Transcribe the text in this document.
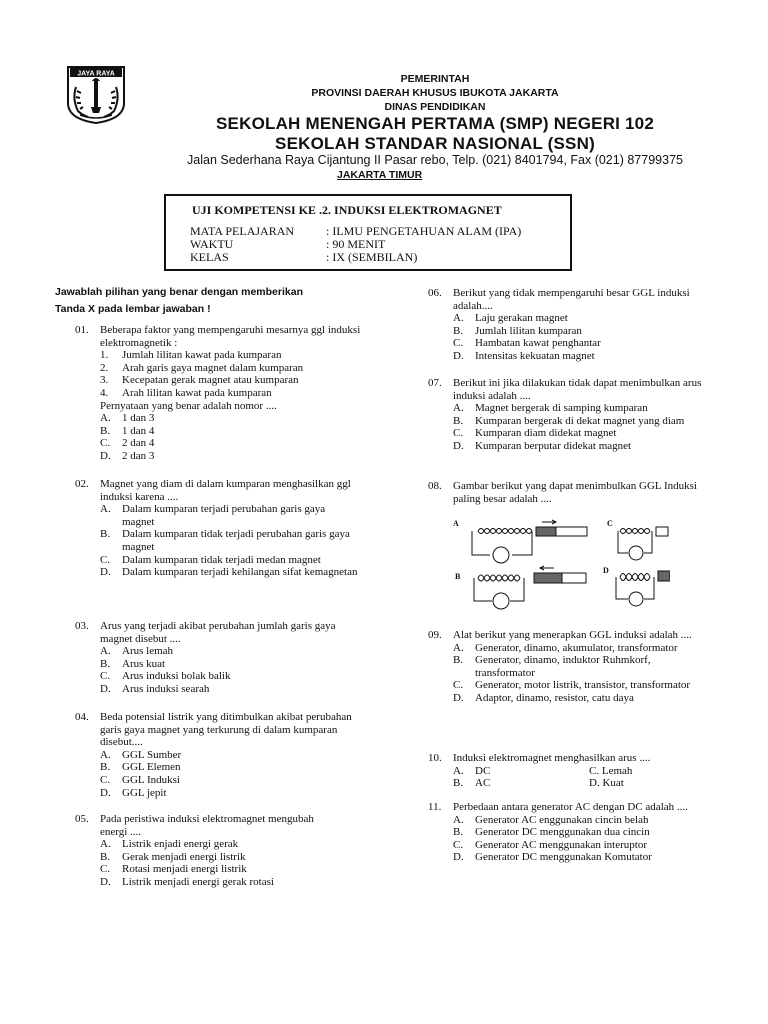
JAYA RAYA	PEMERINTAH
PROVINSI DAERAH KHUSUS IBUKOTA JAKARTA
DINAS PENDIDIKAN
SEKOLAH MENENGAH PERTAMA (SMP) NEGERI 102
SEKOLAH STANDAR NASIONAL (SSN)
Jalan Sederhana Raya Cijantung II Pasar rebo, Telp. (021) 8401794, Fax (021) 87799375
JAKARTA TIMUR
UJI KOMPETENSI KE .2. INDUKSI ELEKTROMAGNET
MATA PELAJARAN	: ILMU PENGETAHUAN ALAM (IPA)
WAKTU	: 90 MENIT
KELAS	: IX (SEMBILAN)
Jawablah pilihan yang benar dengan memberikan
Tanda X pada lembar jawaban !
01. Beberapa faktor yang mempengaruhi mesarnya ggl induksi elektromagnetik :
1. Jumlah lilitan kawat pada kumparan
2. Arah garis gaya magnet dalam kumparan
3. Kecepatan gerak magnet atau kumparan
4. Arah lilitan kawat pada kumparan
Pernyataan yang benar adalah nomor ....
A. 1 dan 3
B. 1 dan 4
C. 2 dan 4
D. 2 dan 3
02. Magnet yang diam di dalam kumparan menghasilkan ggl induksi karena ....
A. Dalam kumparan terjadi perubahan garis gaya magnet
B. Dalam kumparan tidak terjadi perubahan garis gaya magnet
C. Dalam kumparan tidak terjadi medan magnet
D. Dalam kumparan terjadi kehilangan sifat kemagnetan
03. Arus yang terjadi akibat perubahan jumlah garis gaya magnet disebut ....
A. Arus lemah
B. Arus kuat
C. Arus induksi bolak balik
D. Arus induksi searah
04. Beda potensial listrik yang ditimbulkan akibat perubahan garis gaya magnet yang terkurung di dalam kumparan disebut....
A. GGL Sumber
B. GGL Elemen
C. GGL Induksi
D. GGL jepit
05. Pada peristiwa induksi elektromagnet mengubah energi ....
A. Listrik enjadi energi gerak
B. Gerak menjadi energi listrik
C. Rotasi menjadi energi listrik
D. Listrik menjadi energi gerak rotasi
06. Berikut yang tidak mempengaruhi besar GGL induksi adalah....
A. Laju gerakan magnet
B. Jumlah lilitan kumparan
C. Hambatan kawat penghantar
D. Intensitas kekuatan magnet
07. Berikut ini jika dilakukan tidak dapat menimbulkan arus induksi adalah ....
A. Magnet bergerak di samping kumparan
B. Kumparan bergerak di dekat magnet yang diam
C. Kumparan diam didekat magnet
D. Kumparan berputar didekat magnet
08. Gambar berikut yang dapat menimbulkan GGL Induksi paling besar adalah ....
A
B
C
D
09. Alat berikut yang menerapkan GGL induksi adalah ....
A. Generator, dinamo, akumulator, transformator
B. Generator, dinamo, induktor Ruhmkorf, transformator
C. Generator, motor listrik, transistor, transformator
D. Adaptor, dinamo, resistor, catu daya
10. Induksi elektromagnet menghasilkan arus ....
A. DC
B. AC
C. Lemah
D. Kuat
11. Perbedaan antara generator AC dengan DC adalah ....
A. Generator AC enggunakan cincin belah
B. Generator DC menggunakan dua cincin
C. Generator AC menggunakan interuptor
D. Generator DC menggunakan Komutator
